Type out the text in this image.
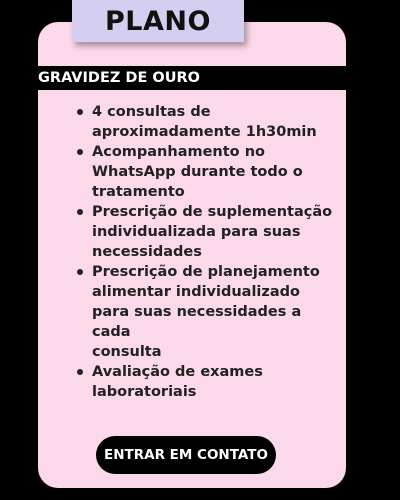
PLANO
GRAVIDEZ DE OURO
4 consultas de
aproximadamente 1h30min
Acompanhamento no
WhatsApp durante todo o
tratamento
Prescrição de suplementação
individualizada para suas
necessidades
Prescrição de planejamento
alimentar individualizado
para suas necessidades a cada
consulta
Avaliação de exames
laboratoriais
ENTRAR EM CONTATO
